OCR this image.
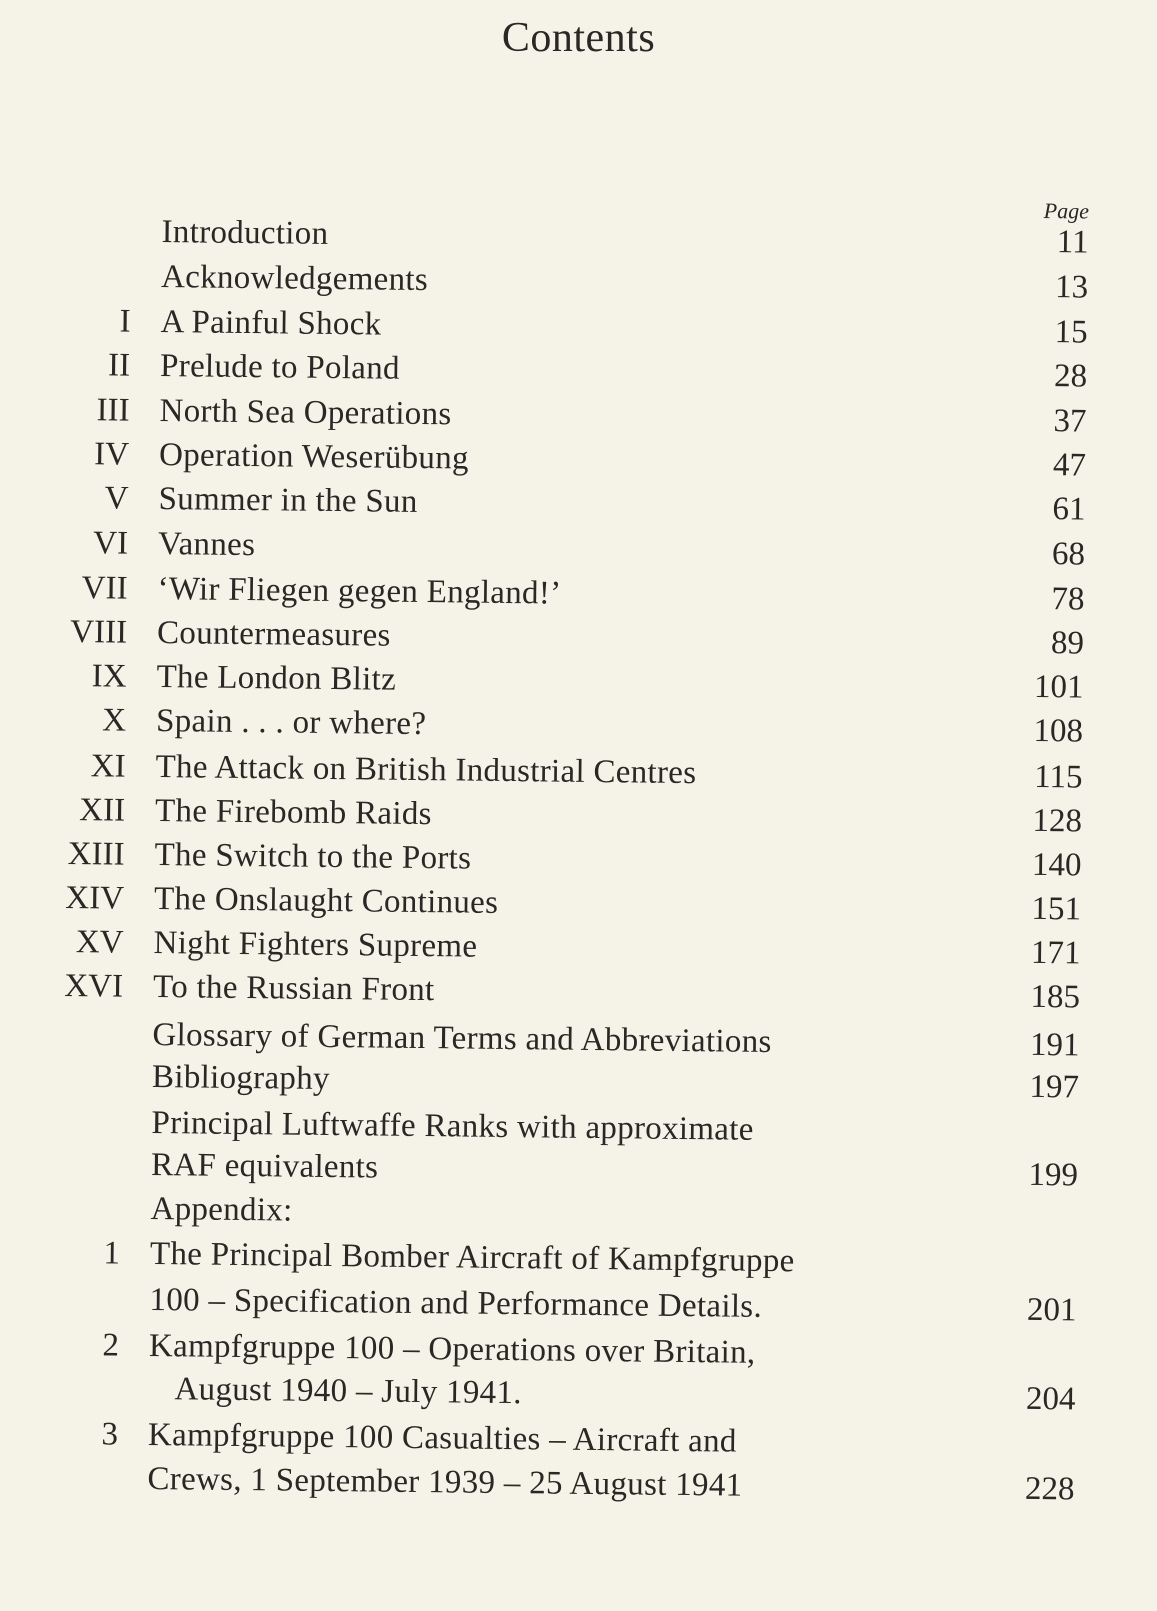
Contents
Page
Introduction	11
Acknowledgements	13
I A Painful Shock	15
II Prelude to Poland	28
III North Sea Operations	37
IV Operation Weserübung	47
V Summer in the Sun	61
VI Vannes	68
VII ‘Wir Fliegen gegen England!’	78
VIII Countermeasures	89
IX The London Blitz	101
X Spain . . . or where?	108
XI The Attack on British Industrial Centres	115
XII The Firebomb Raids	128
XIII The Switch to the Ports	140
XIV The Onslaught Continues	151
XV Night Fighters Supreme	171
XVI To the Russian Front	185
Glossary of German Terms and Abbreviations	191
Bibliography	197
Principal Luftwaffe Ranks with approximate
RAF equivalents	199
Appendix:
1 The Principal Bomber Aircraft of Kampfgruppe
100 – Specification and Performance Details.	201
2 Kampfgruppe 100 – Operations over Britain,
August 1940 – July 1941.	204
3 Kampfgruppe 100 Casualties – Aircraft and
Crews, 1 September 1939 – 25 August 1941	228
